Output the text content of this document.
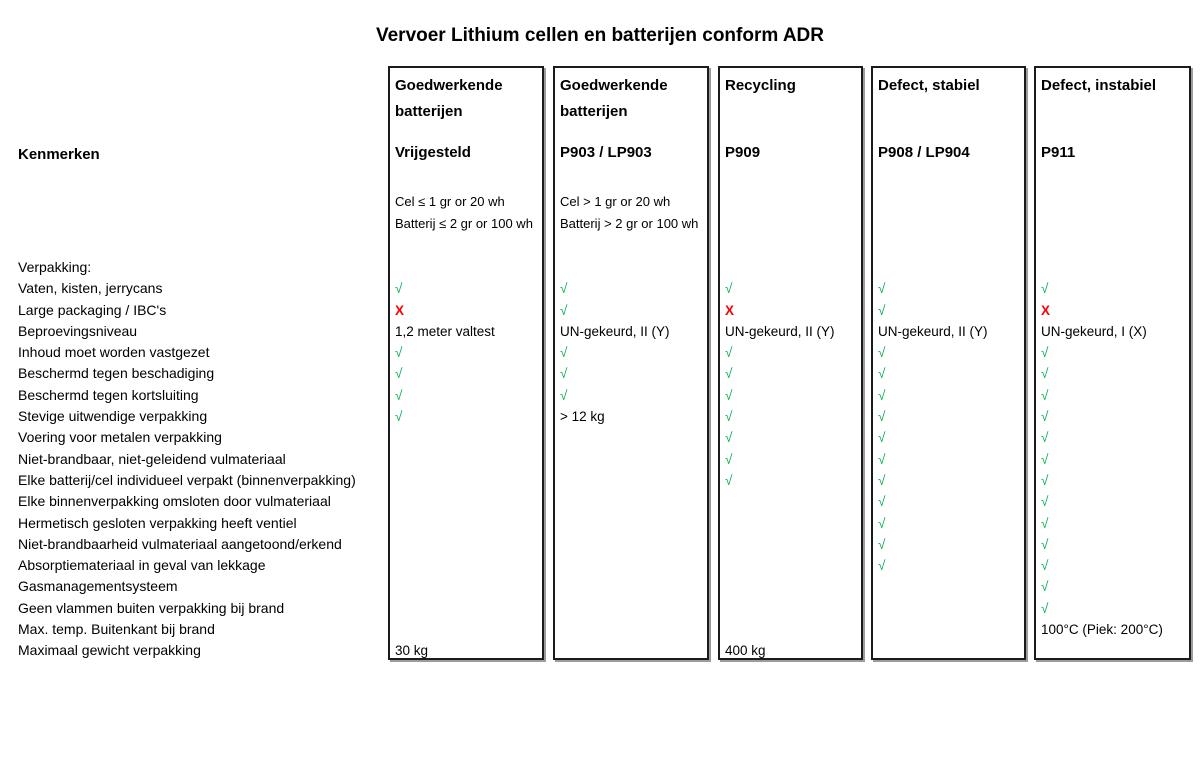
Vervoer Lithium cellen en batterijen conform ADR
Kenmerken
Verpakking:
Vaten, kisten, jerrycans
Large packaging / IBC's
Beproevingsniveau
Inhoud moet worden vastgezet
Beschermd tegen beschadiging
Beschermd tegen kortsluiting
Stevige uitwendige verpakking
Voering voor metalen verpakking
Niet-brandbaar, niet-geleidend vulmateriaal
Elke batterij/cel individueel verpakt (binnenverpakking)
Elke binnenverpakking omsloten door vulmateriaal
Hermetisch gesloten verpakking heeft ventiel
Niet-brandbaarheid vulmateriaal aangetoond/erkend
Absorptiemateriaal in geval van lekkage
Gasmanagementsysteem
Geen vlammen buiten verpakking bij brand
Max. temp. Buitenkant bij brand
Maximaal gewicht verpakking
Goedwerkende batterijen
Vrijgesteld
Cel ≤ 1 gr or 20 wh
Batterij ≤ 2 gr or 100 wh
√
X
1,2 meter valtest
√
√
√
√
30 kg
Goedwerkende batterijen
P903 / LP903
Cel > 1 gr or 20 wh
Batterij > 2 gr or 100 wh
√
√
UN-gekeurd, II (Y)
√
√
√
> 12 kg
Recycling
P909
√
X
UN-gekeurd, II (Y)
√
√
√
√
√
√
√
400 kg
Defect, stabiel
P908 / LP904
√
√
UN-gekeurd, II (Y)
√
√
√
√
√
√
√
√
√
√
√
Defect, instabiel
P911
√
X
UN-gekeurd, I (X)
√
√
√
√
√
√
√
√
√
√
√
√
√
100°C (Piek: 200°C)
